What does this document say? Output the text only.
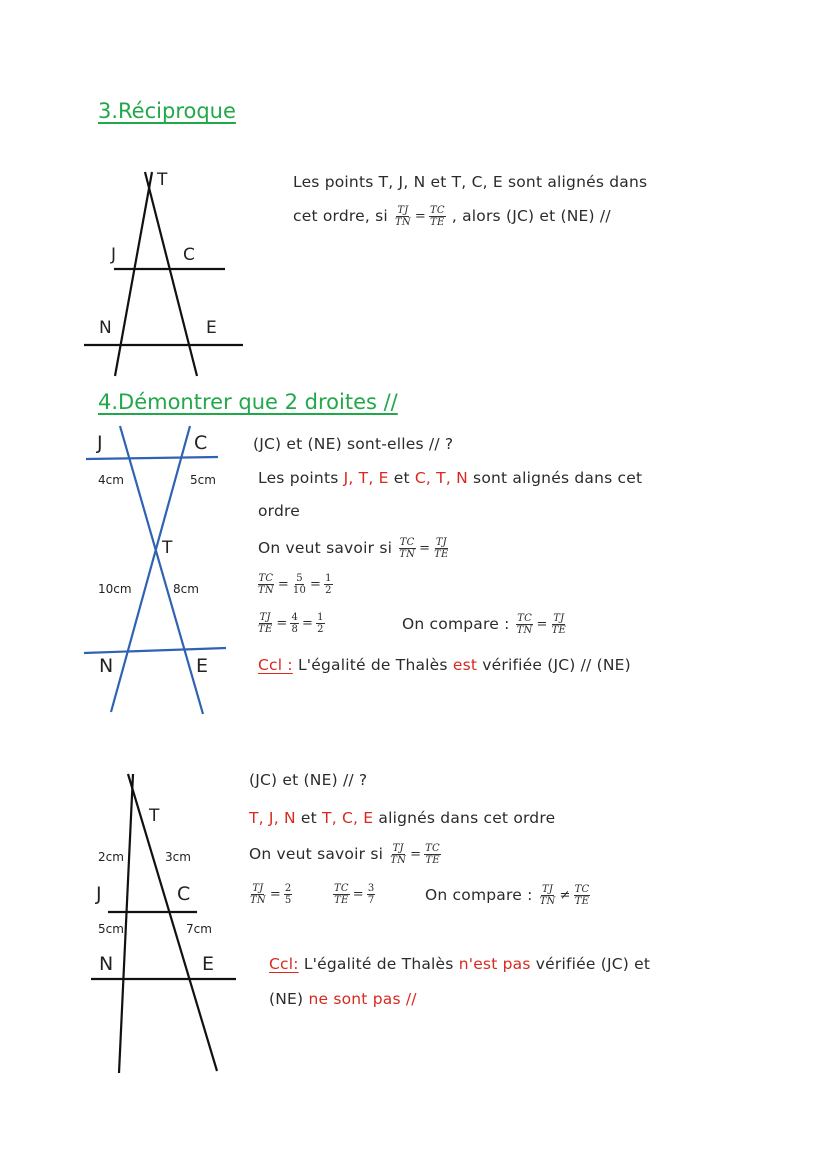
3.Réciproque
T
J	C
N	E
Les points T, J, N et T, C, E sont alignés dans
cet ordre, si $\frac{TJ}{TN} = \frac{TC}{TE}$ , alors (JC) et (NE) //
4.Démontrer que 2 droites //
J	C
4cm	5cm
T
10cm	8cm
N	E
(JC) et (NE) sont-elles // ?
Les points J, T, E et C, T, N sont alignés dans cet
ordre
On veut savoir si $\frac{TC}{TN} = \frac{TJ}{TE}$
$\frac{TC}{TN} = \frac{5}{10} = \frac{1}{2}$
$\frac{TJ}{TE} = \frac{4}{8} = \frac{1}{2}$	On compare : $\frac{TC}{TN} = \frac{TJ}{TE}$
Ccl : L'égalité de Thalès est vérifiée (JC) // (NE)
T
2cm	3cm
J	C
5cm	7cm
N	E
(JC) et (NE) // ?
T, J, N et T, C, E alignés dans cet ordre
On veut savoir si $\frac{TJ}{TN} = \frac{TC}{TE}$
$\frac{TJ}{TN} = \frac{2}{5}$	$\frac{TC}{TE} = \frac{3}{7}$	On compare : $\frac{TJ}{TN} \ne \frac{TC}{TE}$
Ccl: L'égalité de Thalès n'est pas vérifiée (JC) et
(NE) ne sont pas //
